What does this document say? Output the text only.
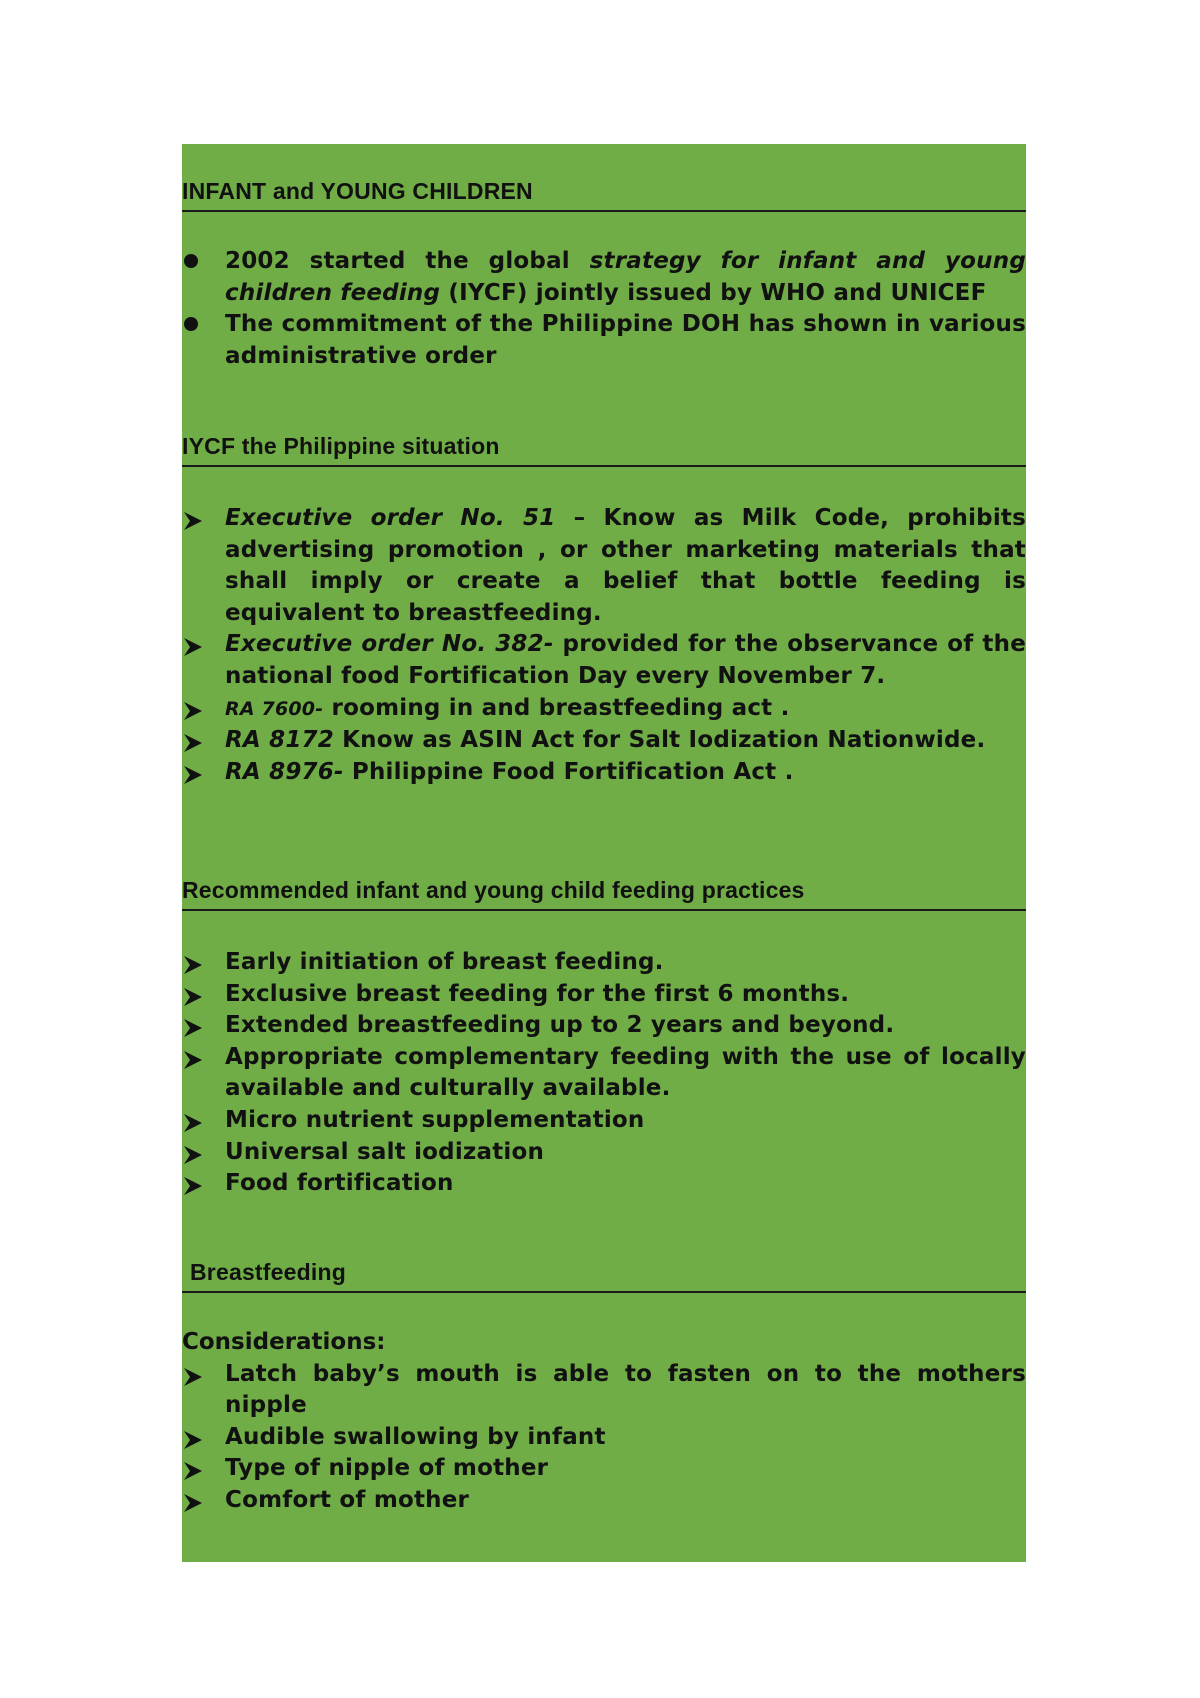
INFANT and YOUNG CHILDREN
2002 started the global strategy for infant and young children feeding (IYCF) jointly issued by WHO and UNICEF
The commitment of the Philippine DOH has shown in various administrative order
IYCF the Philippine situation
Executive order No. 51 – Know as Milk Code, prohibits advertising promotion , or other marketing materials that shall imply or create a belief that bottle feeding is equivalent to breastfeeding.
Executive order No. 382- provided for the observance of the national food Fortification Day every November 7.
RA 7600- rooming in and breastfeeding act .
RA 8172 Know as ASIN Act for Salt Iodization Nationwide.
RA 8976- Philippine Food Fortification Act .
Recommended infant and young child feeding practices
Early initiation of breast feeding.
Exclusive breast feeding for the first 6 months.
Extended breastfeeding up to 2 years and beyond.
Appropriate complementary feeding with the use of locally available and culturally available.
Micro nutrient supplementation
Universal salt iodization
Food fortification
Breastfeeding
Considerations:
Latch baby’s mouth is able to fasten on to the mothers nipple
Audible swallowing by infant
Type of nipple of mother
Comfort of mother
